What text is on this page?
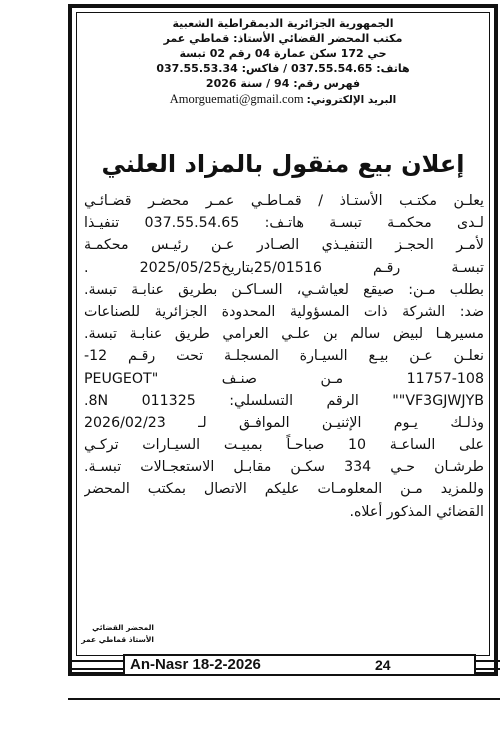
الجمهورية الجزائرية الديمقراطية الشعبية
مكتب المحضر القضائي الأستاذ: قماطي عمر
حي 172 سكن عمارة 04 رقم 02 تبسة
هاتف: 037.55.54.65 / فاكس: 037.55.53.34
فهرس رقم: 94 / سنة 2026
البريد الإلكتروني: Amorguemati@gmail.com
إعلان بيع منقول بالمزاد العلني
يعلـن مكتـب الأستـاذ / قمـاطـي عمـر محضـر قضـائـي
لـدى محكمـة تبسـة هاتـف: 037.55.54.65 تنفيـذا
لأمـر الحجـز التنفيـذي الصـادر عـن رئيـس محكمـة
تبسـة رقـم 25/01516بتاريخ2025/05/25 .
بطلب مـن: صيقع لعياشـي، السـاكـن بطريق عنابـة تبسة.
ضد: الشركة ذات المسؤولية المحدودة الجزائرية للصناعات
مسيرهـا لبيض سالم بن علـي العرامي طريق عنابـة تبسة.
نعلـن عـن بيـع السيـارة المسجلـة تحت رقـم 12-
11757-108 مـن صنـف "PEUGEOT
VF3GJWJYB"" الرقم التسلسلي: 011325 8N.
وذلـك يـوم الإثنيـن الموافـق لـ 2026/02/23
على الساعـة 10 صباحـاً بمبيـت السيـارات تركـي
طرشـان حـي 334 سكـن مقابـل الاستعجـالات تبسـة.
وللمزيد مـن المعلومـات عليكم الاتصال بمكتب المحضر
القضائي المذكور أعلاه.
المحضر القضائي
الأستاذ قماطي عمر
An-Nasr 18-2-2026	24
